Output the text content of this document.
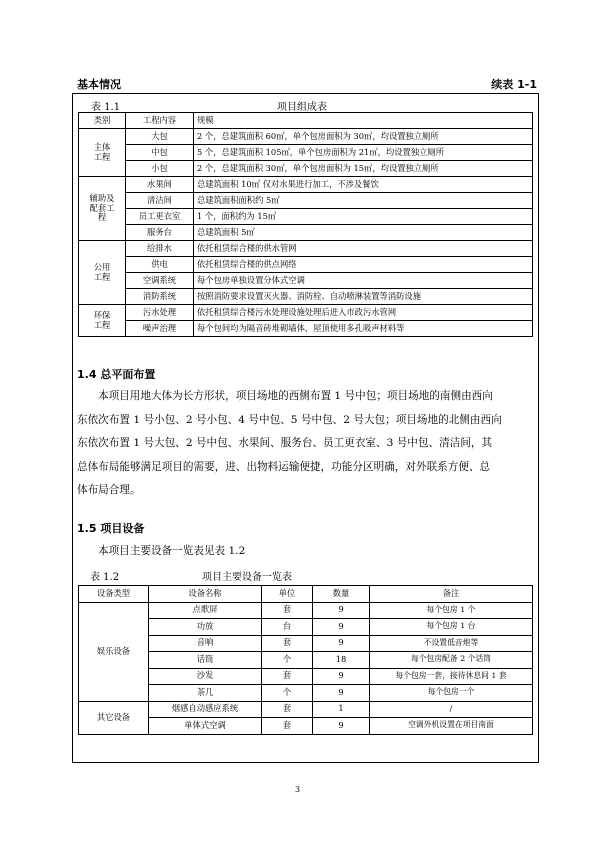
基本情况	续表 1-1
表 1.1	项目组成表
类别	工程内容	规模
主体
工程	大包	2 个，总建筑面积 60㎡，单个包房面积为 30㎡，均设置独立厕所
	中包	5 个，总建筑面积 105㎡，单个包房面积为 21㎡，均设置独立厕所
	小包	2 个，总建筑面积 30㎡，单个包房面积为 15㎡，均设置独立厕所
辅助及
配套工
程	水果间	总建筑面积 10㎡ 仅对水果进行加工，不涉及餐饮
	清洁间	总建筑面积面积约 5㎡
	员工更衣室	1 个，面积约为 15㎡
	服务台	总建筑面积 5㎡
公用
工程	给排水	依托租赁综合楼的供水管网
	供电	依托租赁综合楼的供点网络
	空调系统	每个包房单独设置分体式空调
	消防系统	按照消防要求设置灭火器、消防栓、自动喷淋装置等消防设施
环保
工程	污水处理	依托租赁综合楼污水处理设施处理后进入市政污水管网
	噪声治理	每个包间均为隔音砖堆砌墙体，屋顶使用多孔吸声材料等
1.4 总平面布置
本项目用地大体为长方形状，项目场地的西侧布置 1 号中包；项目场地的南侧由西向
东依次布置 1 号小包、2 号小包、4 号中包、5 号中包、2 号大包；项目场地的北侧由西向
东依次布置 1 号大包、2 号中包、水果间、服务台、员工更衣室、3 号中包、清洁间，其
总体布局能够满足项目的需要，进、出物料运输便捷，功能分区明确，对外联系方便、总
体布局合理。
1.5 项目设备
本项目主要设备一览表见表 1.2
表 1.2	项目主要设备一览表
设备类型	设备名称	单位	数量	备注
娱乐设备	点歌屏	套	9	每个包房 1 个
	功放	台	9	每个包房 1 台
	音响	套	9	不设置低音炮等
	话筒	个	18	每个包房配备 2 个话筒
	沙发	套	9	每个包房一套，接待休息间 1 套
	茶几	个	9	每个包房一个
其它设备	烟感自动感应系统	套	1	/
	单体式空调	套	9	空调外机设置在项目南面
3
